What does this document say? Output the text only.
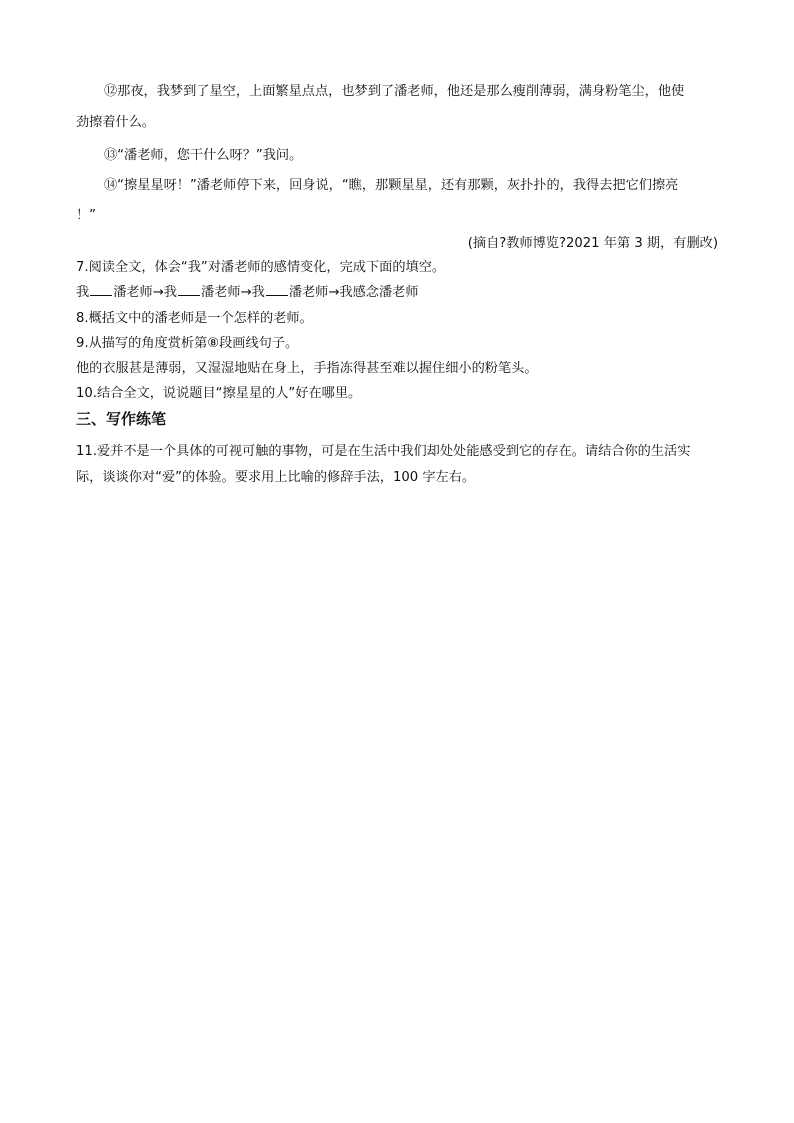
⑫那夜，我梦到了星空，上面繁星点点，也梦到了潘老师，他还是那么瘦削薄弱，满身粉笔尘，他使
劲擦着什么。
⑬“潘老师，您干什么呀？”我问。
⑭“擦星星呀！”潘老师停下来，回身说，“瞧，那颗星星，还有那颗，灰扑扑的，我得去把它们擦亮
！”
(摘自?教师博览?2021 年第 3 期，有删改)
7.阅读全文，体会“我”对潘老师的感情变化，完成下面的填空。
我 潘老师→我 潘老师→我 潘老师→我感念潘老师
8.概括文中的潘老师是一个怎样的老师。
9.从描写的角度赏析第⑧段画线句子。
他的衣服甚是薄弱，又湿湿地贴在身上，手指冻得甚至难以握住细小的粉笔头。
10.结合全文，说说题目“擦星星的人”好在哪里。
三、写作练笔
11.爱并不是一个具体的可视可触的事物，可是在生活中我们却处处能感受到它的存在。请结合你的生活实
际，谈谈你对“爱”的体验。要求用上比喻的修辞手法，100 字左右。
